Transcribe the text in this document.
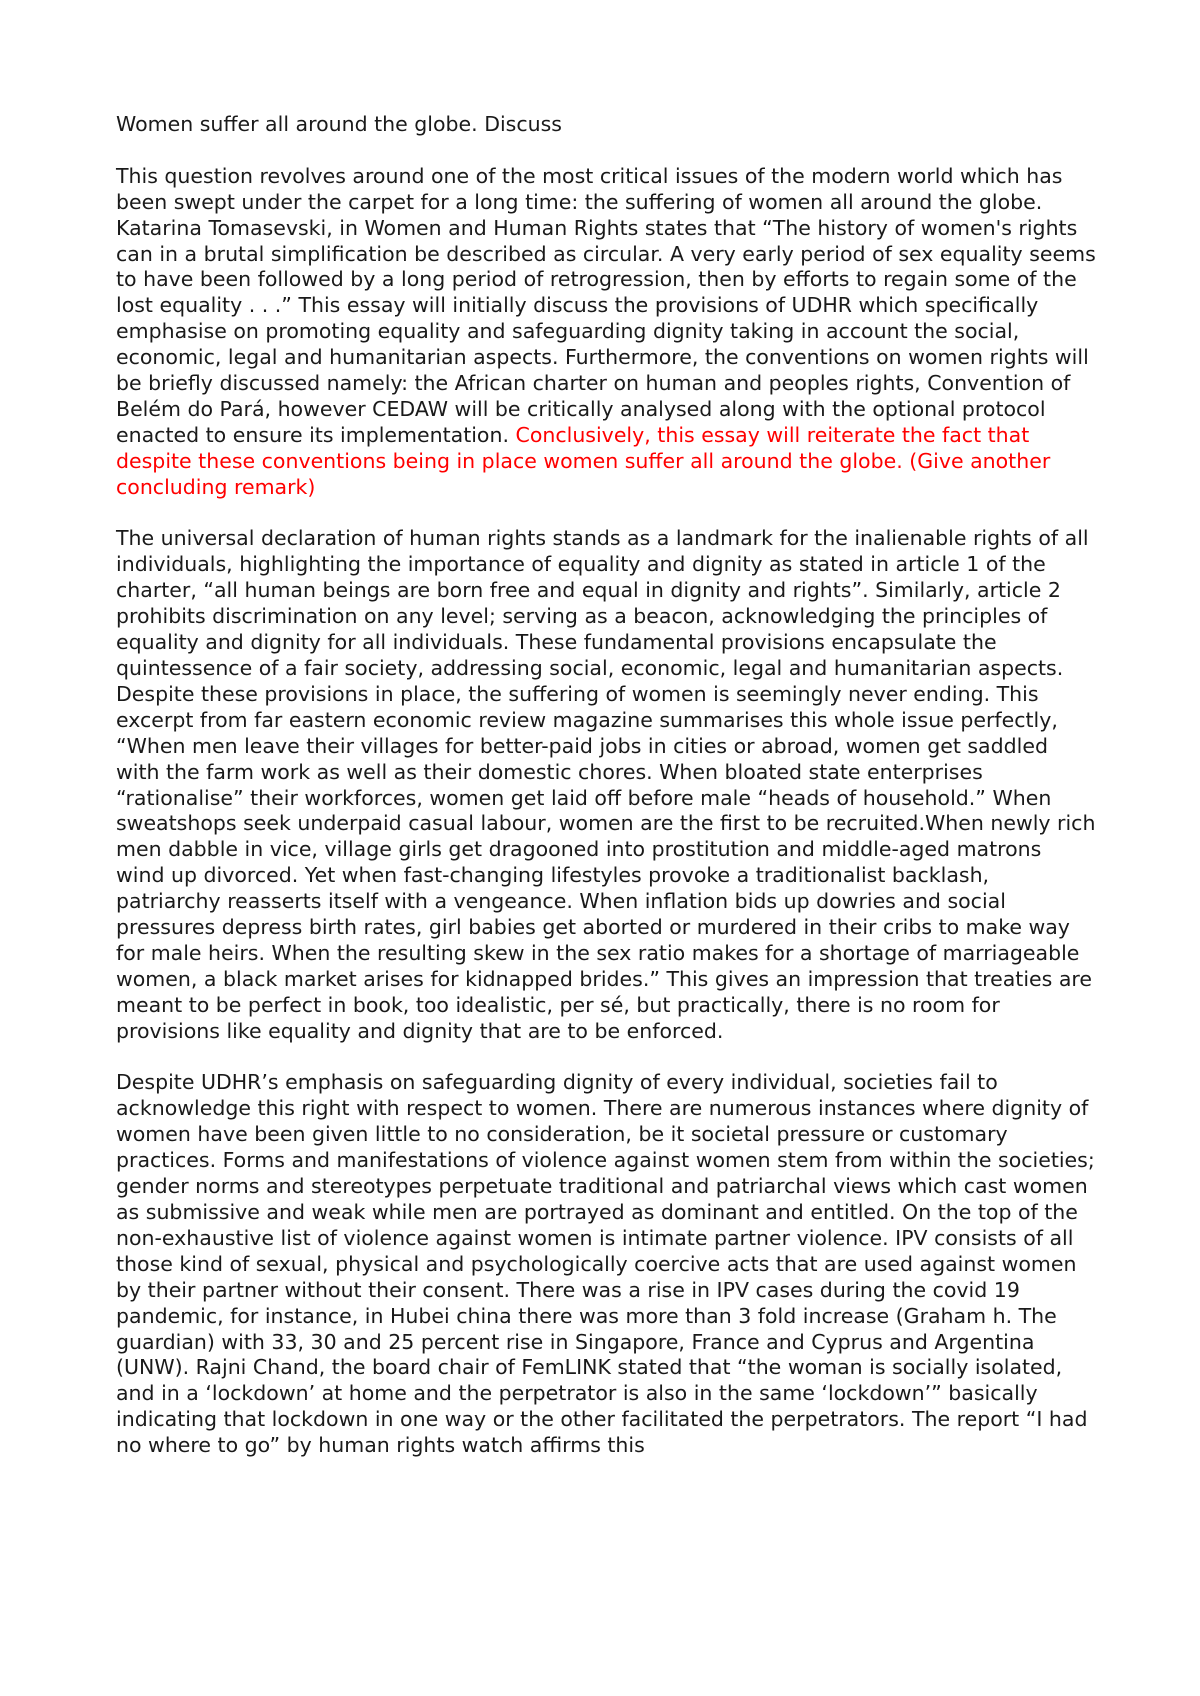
Women suffer all around the globe. Discuss

This question revolves around one of the most critical issues of the modern world which has been swept under the carpet for a long time: the suffering of women all around the globe. Katarina Tomasevski, in Women and Human Rights states that “The history of women's rights can in a brutal simplification be described as circular. A very early period of sex equality seems to have been followed by a long period of retrogression, then by efforts to regain some of the lost equality . . .” This essay will initially discuss the provisions of UDHR which specifically emphasise on promoting equality and safeguarding dignity taking in account the social, economic, legal and humanitarian aspects. Furthermore, the conventions on women rights will be briefly discussed namely: the African charter on human and peoples rights, Convention of Belém do Pará, however CEDAW will be critically analysed along with the optional protocol enacted to ensure its implementation. Conclusively, this essay will reiterate the fact that despite these conventions being in place women suffer all around the globe. (Give another concluding remark)

The universal declaration of human rights stands as a landmark for the inalienable rights of all individuals, highlighting the importance of equality and dignity as stated in article 1 of the charter, “all human beings are born free and equal in dignity and rights”. Similarly, article 2 prohibits discrimination on any level; serving as a beacon, acknowledging the principles of equality and dignity for all individuals. These fundamental provisions encapsulate the quintessence of a fair society, addressing social, economic, legal and humanitarian aspects. Despite these provisions in place, the suffering of women is seemingly never ending. This excerpt from far eastern economic review magazine summarises this whole issue perfectly, “When men leave their villages for better-paid jobs in cities or abroad, women get saddled with the farm work as well as their domestic chores. When bloated state enterprises “rationalise” their workforces, women get laid off before male “heads of household.” When sweatshops seek underpaid casual labour, women are the first to be recruited.When newly rich men dabble in vice, village girls get dragooned into prostitution and middle-aged matrons wind up divorced. Yet when fast-changing lifestyles provoke a traditionalist backlash, patriarchy reasserts itself with a vengeance. When inflation bids up dowries and social pressures depress birth rates, girl babies get aborted or murdered in their cribs to make way for male heirs. When the resulting skew in the sex ratio makes for a shortage of marriageable women, a black market arises for kidnapped brides.” This gives an impression that treaties are meant to be perfect in book, too idealistic, per sé, but practically, there is no room for provisions like equality and dignity that are to be enforced.

Despite UDHR’s emphasis on safeguarding dignity of every individual, societies fail to acknowledge this right with respect to women. There are numerous instances where dignity of women have been given little to no consideration, be it societal pressure or customary practices. Forms and manifestations of violence against women stem from within the societies; gender norms and stereotypes perpetuate traditional and patriarchal views which cast women as submissive and weak while men are portrayed as dominant and entitled. On the top of the non-exhaustive list of violence against women is intimate partner violence. IPV consists of all those kind of sexual, physical and psychologically coercive acts that are used against women by their partner without their consent. There was a rise in IPV cases during the covid 19 pandemic, for instance, in Hubei china there was more than 3 fold increase (Graham h. The guardian) with 33, 30 and 25 percent rise in Singapore, France and Cyprus and Argentina (UNW). Rajni Chand, the board chair of FemLINK stated that “the woman is socially isolated, and in a ‘lockdown’ at home and the perpetrator is also in the same ‘lockdown’” basically indicating that lockdown in one way or the other facilitated the perpetrators. The report “I had no where to go” by human rights watch affirms this
